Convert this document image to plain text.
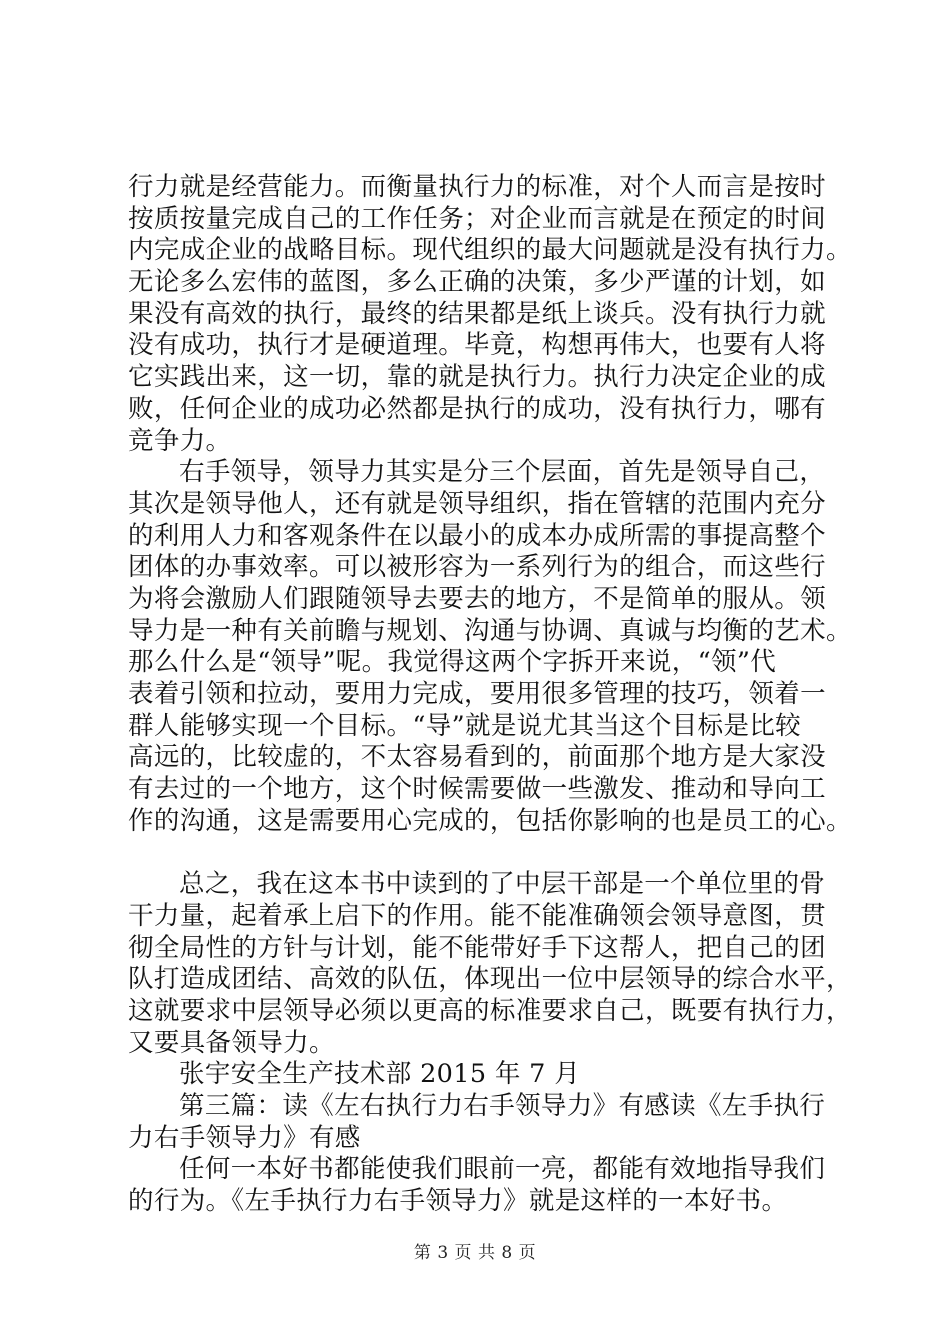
行力就是经营能力。而衡量执行力的标准，对个人而言是按时
按质按量完成自己的工作任务；对企业而言就是在预定的时间
内完成企业的战略目标。现代组织的最大问题就是没有执行力。
无论多么宏伟的蓝图，多么正确的决策，多少严谨的计划，如
果没有高效的执行，最终的结果都是纸上谈兵。没有执行力就
没有成功，执行才是硬道理。毕竟，构想再伟大，也要有人将
它实践出来，这一切，靠的就是执行力。执行力决定企业的成
败，任何企业的成功必然都是执行的成功，没有执行力，哪有
竞争力。
右手领导，领导力其实是分三个层面，首先是领导自己，
其次是领导他人，还有就是领导组织，指在管辖的范围内充分
的利用人力和客观条件在以最小的成本办成所需的事提高整个
团体的办事效率。可以被形容为一系列行为的组合，而这些行
为将会激励人们跟随领导去要去的地方，不是简单的服从。领
导力是一种有关前瞻与规划、沟通与协调、真诚与均衡的艺术。
那么什么是“领导”呢。我觉得这两个字拆开来说，“领”代
表着引领和拉动，要用力完成，要用很多管理的技巧，领着一
群人能够实现一个目标。“导”就是说尤其当这个目标是比较
高远的，比较虚的，不太容易看到的，前面那个地方是大家没
有去过的一个地方，这个时候需要做一些激发、推动和导向工
作的沟通，这是需要用心完成的，包括你影响的也是员工的心。
总之，我在这本书中读到的了中层干部是一个单位里的骨
干力量，起着承上启下的作用。能不能准确领会领导意图，贯
彻全局性的方针与计划，能不能带好手下这帮人，把自己的团
队打造成团结、高效的队伍，体现出一位中层领导的综合水平，
这就要求中层领导必须以更高的标准要求自己，既要有执行力，
又要具备领导力。
张宇安全生产技术部 2015 年 7 月
第三篇：读《左右执行力右手领导力》有感读《左手执行
力右手领导力》有感
任何一本好书都能使我们眼前一亮，都能有效地指导我们
的行为。《左手执行力右手领导力》就是这样的一本好书。
第 3 页 共 8 页
